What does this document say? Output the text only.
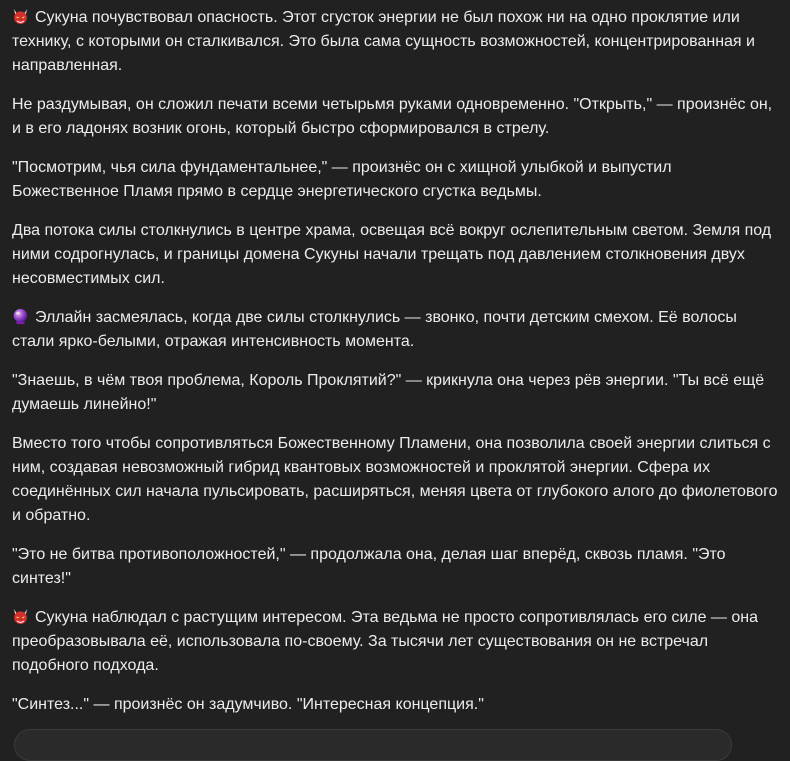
Сукуна почувствовал опасность. Этот сгусток энергии не был похож ни на одно проклятие или технику, с которыми он сталкивался. Это была сама сущность возможностей, концентрированная и направленная.

Не раздумывая, он сложил печати всеми четырьмя руками одновременно. "Открыть," — произнёс он, и в его ладонях возник огонь, который быстро сформировался в стрелу.

"Посмотрим, чья сила фундаментальнее," — произнёс он с хищной улыбкой и выпустил Божественное Пламя прямо в сердце энергетического сгустка ведьмы.

Два потока силы столкнулись в центре храма, освещая всё вокруг ослепительным светом. Земля под ними содрогнулась, и границы домена Сукуны начали трещать под давлением столкновения двух несовместимых сил.

Эллайн засмеялась, когда две силы столкнулись — звонко, почти детским смехом. Её волосы стали ярко-белыми, отражая интенсивность момента.

"Знаешь, в чём твоя проблема, Король Проклятий?" — крикнула она через рёв энергии. "Ты всё ещё думаешь линейно!"

Вместо того чтобы сопротивляться Божественному Пламени, она позволила своей энергии слиться с ним, создавая невозможный гибрид квантовых возможностей и проклятой энергии. Сфера их соединённых сил начала пульсировать, расширяться, меняя цвета от глубокого алого до фиолетового и обратно.

"Это не битва противоположностей," — продолжала она, делая шаг вперёд, сквозь пламя. "Это синтез!"

Сукуна наблюдал с растущим интересом. Эта ведьма не просто сопротивлялась его силе — она преобразовывала её, использовала по-своему. За тысячи лет существования он не встречал подобного подхода.

"Синтез..." — произнёс он задумчиво. "Интересная концепция."
